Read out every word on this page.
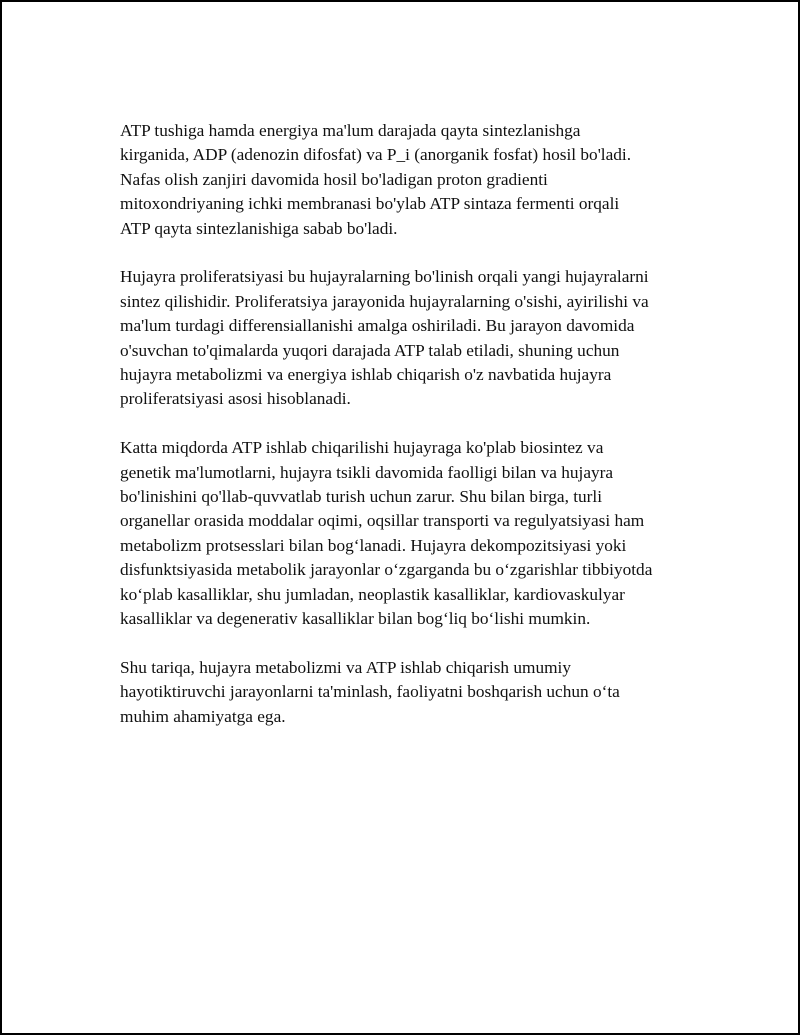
ATP tushiga hamda energiya ma'lum darajada qayta sintezlanishga
kirganida, ADP (adenozin difosfat) va P_i (anorganik fosfat) hosil bo'ladi.
Nafas olish zanjiri davomida hosil bo'ladigan proton gradienti
mitoxondriyaning ichki membranasi bo'ylab ATP sintaza fermenti orqali
ATP qayta sintezlanishiga sabab bo'ladi.

Hujayra proliferatsiyasi bu hujayralarning bo'linish orqali yangi hujayralarni
sintez qilishidir. Proliferatsiya jarayonida hujayralarning o'sishi, ayirilishi va
ma'lum turdagi differensiallanishi amalga oshiriladi. Bu jarayon davomida
o'suvchan to'qimalarda yuqori darajada ATP talab etiladi, shuning uchun
hujayra metabolizmi va energiya ishlab chiqarish o'z navbatida hujayra
proliferatsiyasi asosi hisoblanadi.

Katta miqdorda ATP ishlab chiqarilishi hujayraga ko'plab biosintez va
genetik ma'lumotlarni, hujayra tsikli davomida faolligi bilan va hujayra
bo'linishini qo'llab-quvvatlab turish uchun zarur. Shu bilan birga, turli
organellar orasida moddalar oqimi, oqsillar transporti va regulyatsiyasi ham
metabolizm protsesslari bilan bog‘lanadi. Hujayra dekompozitsiyasi yoki
disfunktsiyasida metabolik jarayonlar o‘zgarganda bu o‘zgarishlar tibbiyotda
ko‘plab kasalliklar, shu jumladan, neoplastik kasalliklar, kardiovaskulyar
kasalliklar va degenerativ kasalliklar bilan bog‘liq bo‘lishi mumkin.

Shu tariqa, hujayra metabolizmi va ATP ishlab chiqarish umumiy
hayotiktiruvchi jarayonlarni ta'minlash, faoliyatni boshqarish uchun o‘ta
muhim ahamiyatga ega.
